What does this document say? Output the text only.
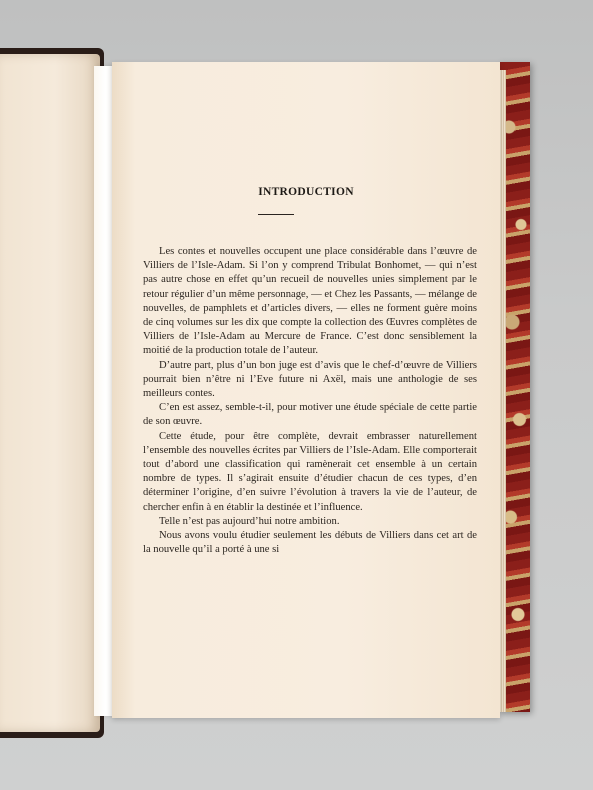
INTRODUCTION

Les contes et nouvelles occupent une place considérable dans l’œuvre de Villiers de l’Isle-Adam. Si l’on y comprend Tribulat Bonhomet, — qui n’est pas autre chose en effet qu’un recueil de nouvelles unies simplement par le retour régulier d’un même personnage, — et Chez les Passants, — mélange de nouvelles, de pamphlets et d’articles divers, — elles ne forment guère moins de cinq volumes sur les dix que compte la collection des Œuvres complètes de Villiers de l’Isle-Adam au Mercure de France. C’est donc sensiblement la moitié de la production totale de l’auteur.

D’autre part, plus d’un bon juge est d’avis que le chef-d’œuvre de Villiers pourrait bien n’être ni l’Eve future ni Axël, mais une anthologie de ses meilleurs contes.

C’en est assez, semble-t-il, pour motiver une étude spéciale de cette partie de son œuvre.

Cette étude, pour être complète, devrait embrasser naturellement l’ensemble des nouvelles écrites par Villiers de l’Isle-Adam. Elle comporterait tout d’abord une classification qui ramènerait cet ensemble à un certain nombre de types. Il s’agirait ensuite d’étudier chacun de ces types, d’en déterminer l’origine, d’en suivre l’évolution à travers la vie de l’auteur, de chercher enfin à en établir la destinée et l’influence.

Telle n’est pas aujourd’hui notre ambition.

Nous avons voulu étudier seulement les débuts de Villiers dans cet art de la nouvelle qu’il a porté à une si
